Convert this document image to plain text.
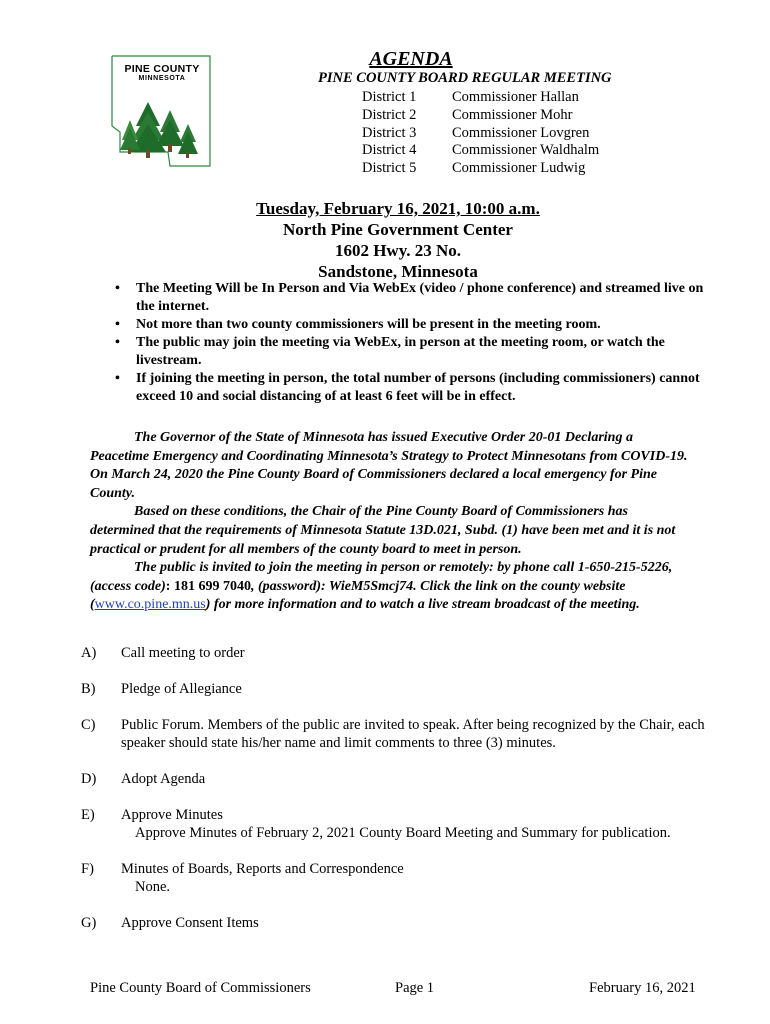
PINE COUNTY
MINNESOTA
AGENDA
PINE COUNTY BOARD REGULAR MEETING
District 1	Commissioner Hallan
District 2	Commissioner Mohr
District 3	Commissioner Lovgren
District 4	Commissioner Waldhalm
District 5	Commissioner Ludwig
Tuesday, February 16, 2021, 10:00 a.m.
North Pine Government Center
1602 Hwy. 23 No.
Sandstone, Minnesota
• The Meeting Will be In Person and Via WebEx (video / phone conference) and streamed live on the internet.
• Not more than two county commissioners will be present in the meeting room.
• The public may join the meeting via WebEx, in person at the meeting room, or watch the livestream.
• If joining the meeting in person, the total number of persons (including commissioners) cannot exceed 10 and social distancing of at least 6 feet will be in effect.

The Governor of the State of Minnesota has issued Executive Order 20-01 Declaring a Peacetime Emergency and Coordinating Minnesota’s Strategy to Protect Minnesotans from COVID-19. On March 24, 2020 the Pine County Board of Commissioners declared a local emergency for Pine County.

Based on these conditions, the Chair of the Pine County Board of Commissioners has determined that the requirements of Minnesota Statute 13D.021, Subd. (1) have been met and it is not practical or prudent for all members of the county board to meet in person.

The public is invited to join the meeting in person or remotely: by phone call 1-650-215-5226, (access code): 181 699 7040, (password): WieM5Smcj74. Click the link on the county website (www.co.pine.mn.us) for more information and to watch a live stream broadcast of the meeting.

A)	Call meeting to order
B)	Pledge of Allegiance
C)	Public Forum. Members of the public are invited to speak. After being recognized by the Chair, each speaker should state his/her name and limit comments to three (3) minutes.
D)	Adopt Agenda
E)	Approve Minutes
Approve Minutes of February 2, 2021 County Board Meeting and Summary for publication.
F)	Minutes of Boards, Reports and Correspondence
None.
G)	Approve Consent Items
Pine County Board of Commissioners	Page 1	February 16, 2021
